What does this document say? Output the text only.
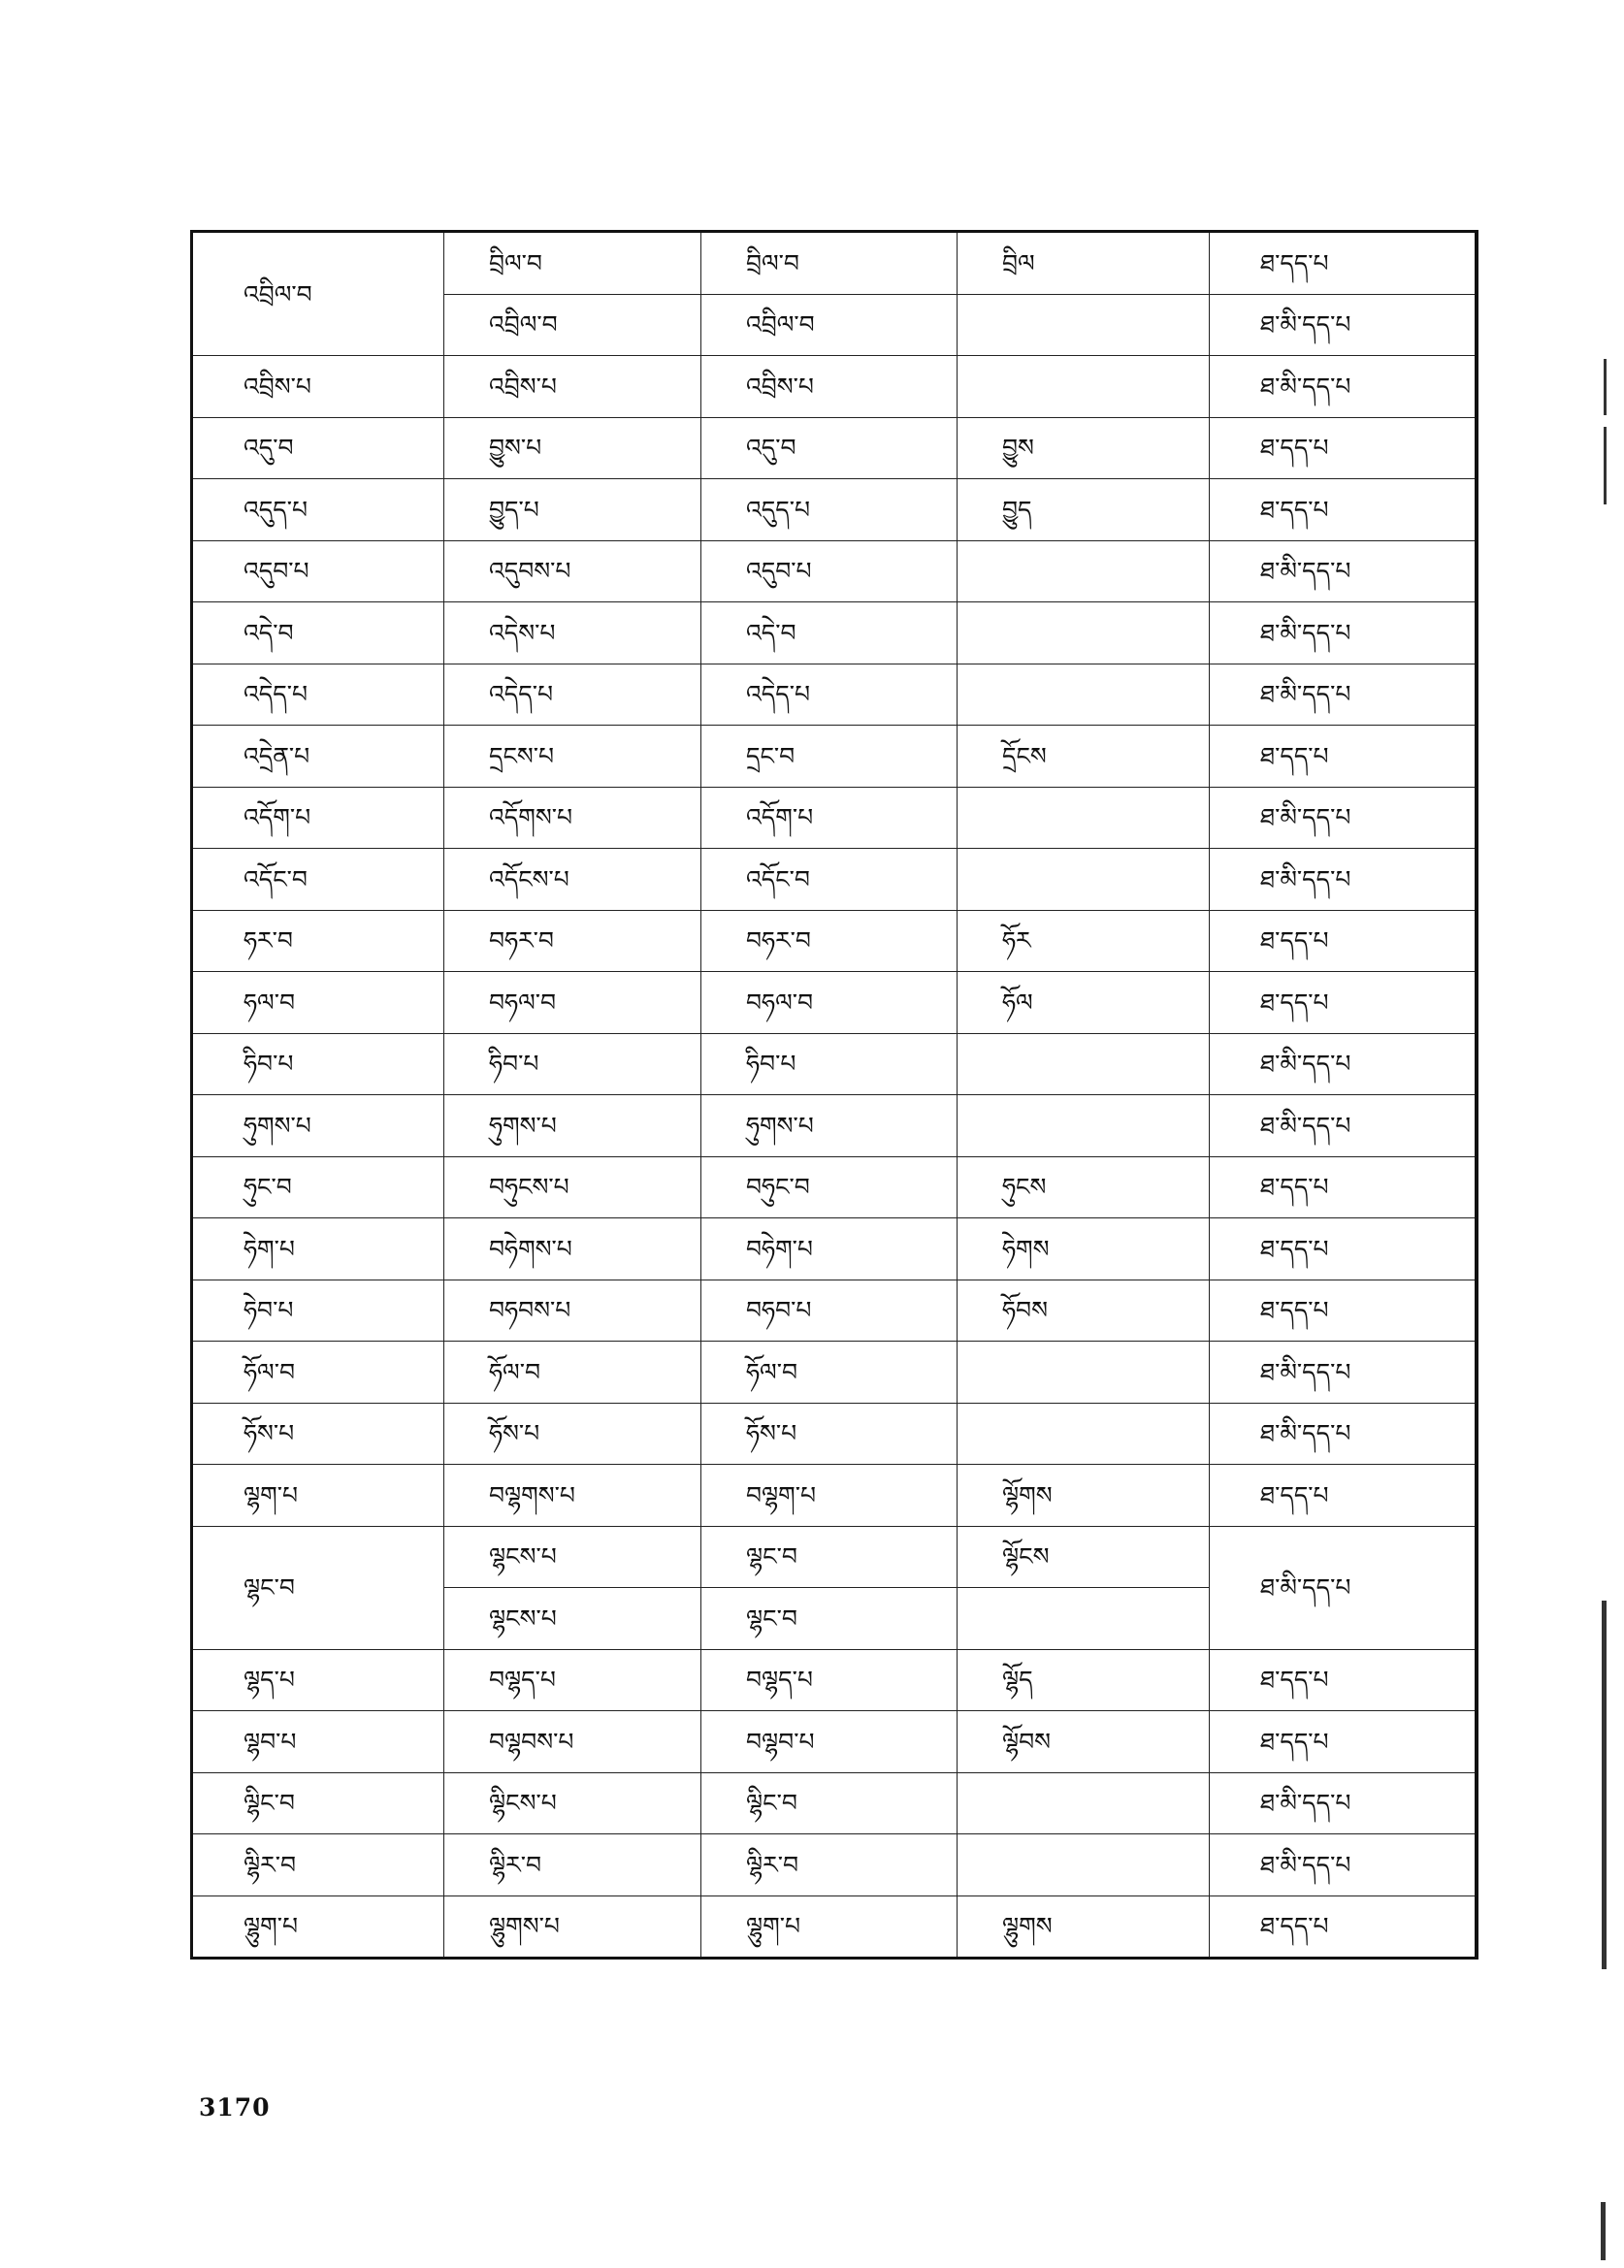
འབྲིལ་བ	བྲིལ་བ	བྲིལ་བ	བྲིལ	ཐ་དད་པ
	འབྲིལ་བ	འབྲིལ་བ		ཐ་མི་དད་པ
འབྲིས་པ	འབྲིས་པ	འབྲིས་པ		ཐ་མི་དད་པ
འདུ་བ	བྱུས་པ	འདུ་བ	བྱུས	ཐ་དད་པ
འདུད་པ	བྱུད་པ	འདུད་པ	བྱུད	ཐ་དད་པ
འདུབ་པ	འདུབས་པ	འདུབ་པ		ཐ་མི་དད་པ
འདེ་བ	འདེས་པ	འདེ་བ		ཐ་མི་དད་པ
འདེད་པ	འདེད་པ	འདེད་པ		ཐ་མི་དད་པ
འདྲེན་པ	དྲངས་པ	དྲང་བ	དྲོངས	ཐ་དད་པ
འདོག་པ	འདོགས་པ	འདོག་པ		ཐ་མི་དད་པ
འདོང་བ	འདོངས་པ	འདོང་བ		ཐ་མི་དད་པ
ཧར་བ	བཧར་བ	བཧར་བ	ཧོར	ཐ་དད་པ
ཧལ་བ	བཧལ་བ	བཧལ་བ	ཧོལ	ཐ་དད་པ
ཧིབ་པ	ཧིབ་པ	ཧིབ་པ		ཐ་མི་དད་པ
ཧུགས་པ	ཧུགས་པ	ཧུགས་པ		ཐ་མི་དད་པ
ཧུང་བ	བཧུངས་པ	བཧུང་བ	ཧུངས	ཐ་དད་པ
ཧེག་པ	བཧེགས་པ	བཧེག་པ	ཧེགས	ཐ་དད་པ
ཧེབ་པ	བཧབས་པ	བཧབ་པ	ཧོབས	ཐ་དད་པ
ཧོལ་བ	ཧོལ་བ	ཧོལ་བ		ཐ་མི་དད་པ
ཧོས་པ	ཧོས་པ	ཧོས་པ		ཐ་མི་དད་པ
ལྷག་པ	བལྷགས་པ	བལྷག་པ	ལྷོགས	ཐ་དད་པ
ལྷང་བ	ལྷངས་པ	ལྷང་བ	ལྷོངས	ཐ་མི་དད་པ
	ལྷངས་པ	ལྷང་བ		
ལྷད་པ	བལྷད་པ	བལྷད་པ	ལྷོད	ཐ་དད་པ
ལྷབ་པ	བལྷབས་པ	བལྷབ་པ	ལྷོབས	ཐ་དད་པ
ལྷིང་བ	ལྷིངས་པ	ལྷིང་བ		ཐ་མི་དད་པ
ལྷིར་བ	ལྷིར་བ	ལྷིར་བ		ཐ་མི་དད་པ
ལྷུག་པ	ལྷུགས་པ	ལྷུག་པ	ལྷུགས	ཐ་དད་པ
3170
